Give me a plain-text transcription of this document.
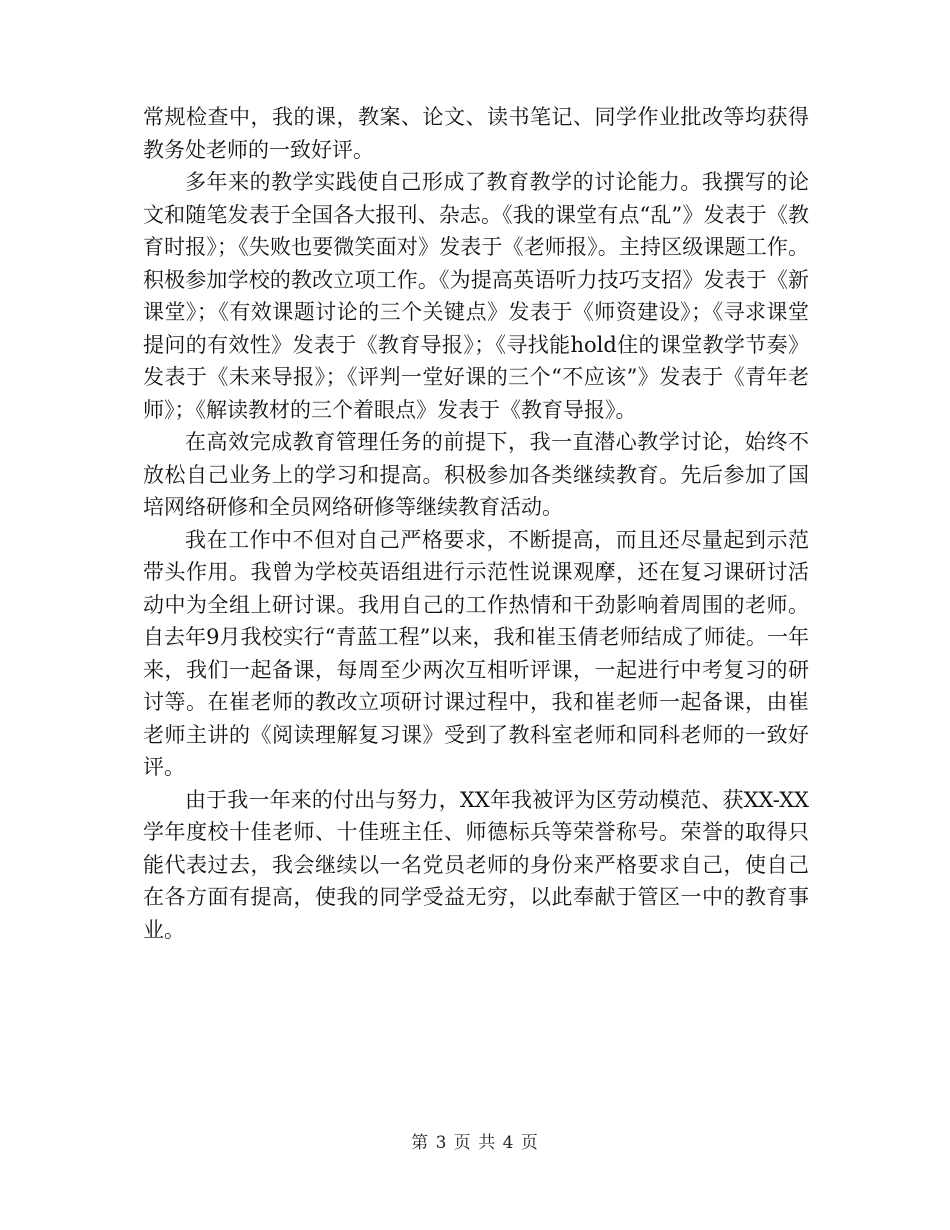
常规检查中，我的课，教案、论文、读书笔记、同学作业批改等均获得教务处老师的一致好评。

多年来的教学实践使自己形成了教育教学的讨论能力。我撰写的论文和随笔发表于全国各大报刊、杂志。《我的课堂有点“乱”》发表于《教育时报》；《失败也要微笑面对》发表于《老师报》。主持区级课题工作。积极参加学校的教改立项工作。《为提高英语听力技巧支招》发表于《新课堂》；《有效课题讨论的三个关键点》发表于《师资建设》；《寻求课堂提问的有效性》发表于《教育导报》；《寻找能hold住的课堂教学节奏》发表于《未来导报》；《评判一堂好课的三个“不应该”》发表于《青年老师》；《解读教材的三个着眼点》发表于《教育导报》。

在高效完成教育管理任务的前提下，我一直潜心教学讨论，始终不放松自己业务上的学习和提高。积极参加各类继续教育。先后参加了国培网络研修和全员网络研修等继续教育活动。

我在工作中不但对自己严格要求，不断提高，而且还尽量起到示范带头作用。我曾为学校英语组进行示范性说课观摩，还在复习课研讨活动中为全组上研讨课。我用自己的工作热情和干劲影响着周围的老师。自去年9月我校实行“青蓝工程”以来，我和崔玉倩老师结成了师徒。一年来，我们一起备课，每周至少两次互相听评课，一起进行中考复习的研讨等。在崔老师的教改立项研讨课过程中，我和崔老师一起备课，由崔老师主讲的《阅读理解复习课》受到了教科室老师和同科老师的一致好评。

由于我一年来的付出与努力，XX年我被评为区劳动模范、获XX-XX学年度校十佳老师、十佳班主任、师德标兵等荣誉称号。荣誉的取得只能代表过去，我会继续以一名党员老师的身份来严格要求自己，使自己在各方面有提高，使我的同学受益无穷，以此奉献于管区一中的教育事业。

第 3 页 共 4 页
